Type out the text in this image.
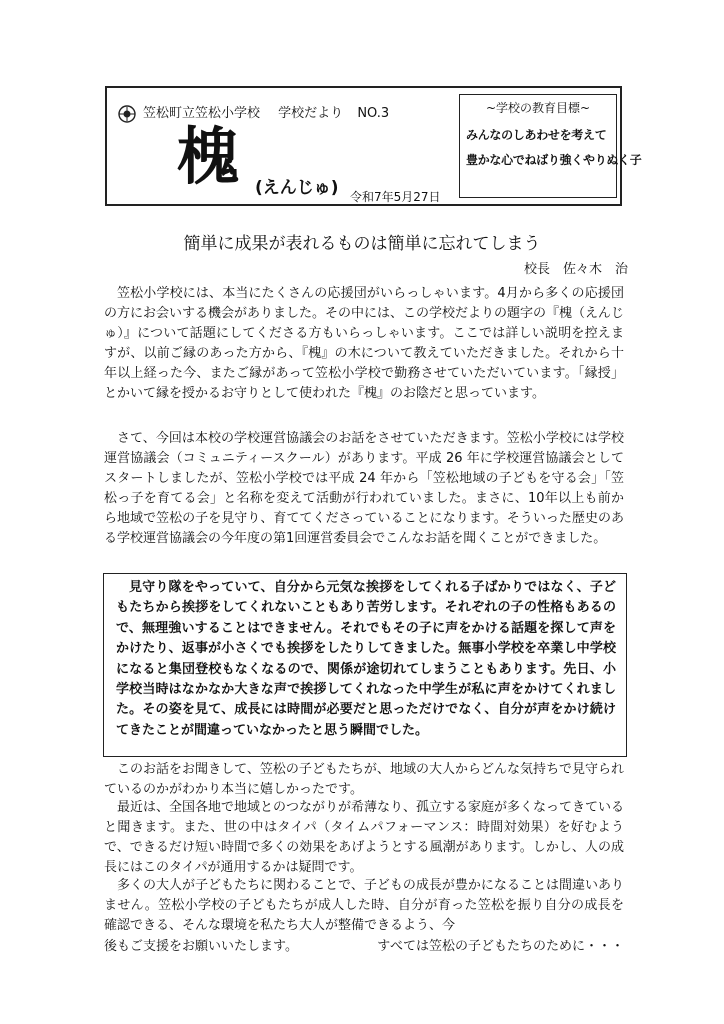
笠松町立笠松小学校 学校だより NO.3
槐 (えんじゅ) 令和7年5月27日
~学校の教育目標~
みんなのしあわせを考えて
豊かな心でねばり強くやりぬく子
簡単に成果が表れるものは簡単に忘れてしまう
校長　佐々木　治

笠松小学校には、本当にたくさんの応援団がいらっしゃいます。4月から多くの応援団の方にお会いする機会がありました。その中には、この学校だよりの題字の『槐（えんじゅ）』について話題にしてくださる方もいらっしゃいます。ここでは詳しい説明を控えますが、以前ご縁のあった方から、『槐』の木について教えていただきました。それから十年以上経った今、またご縁があって笠松小学校で勤務させていただいています。「縁授」とかいて縁を授かるお守りとして使われた『槐』のお陰だと思っています。

さて、今回は本校の学校運営協議会のお話をさせていただきます。笠松小学校には学校運営協議会（コミュニティースクール）があります。平成 26 年に学校運営協議会としてスタートしましたが、笠松小学校では平成 24 年から「笠松地域の子どもを守る会」「笠松っ子を育てる会」と名称を変えて活動が行われていました。まさに、10年以上も前から地域で笠松の子を見守り、育ててくださっていることになります。そういった歴史のある学校運営協議会の今年度の第1回運営委員会でこんなお話を聞くことができました。

見守り隊をやっていて、自分から元気な挨拶をしてくれる子ばかりではなく、子どもたちから挨拶をしてくれないこともあり苦労します。それぞれの子の性格もあるので、無理強いすることはできません。それでもその子に声をかける話題を探して声をかけたり、返事が小さくでも挨拶をしたりしてきました。無事小学校を卒業し中学校になると集団登校もなくなるので、関係が途切れてしまうこともあります。先日、小学校当時はなかなか大きな声で挨拶してくれなった中学生が私に声をかけてくれました。その姿を見て、成長には時間が必要だと思っただけでなく、自分が声をかけ続けてきたことが間違っていなかったと思う瞬間でした。

このお話をお聞きして、笠松の子どもたちが、地域の大人からどんな気持ちで見守られているのかがわかり本当に嬉しかったです。

最近は、全国各地で地域とのつながりが希薄なり、孤立する家庭が多くなってきていると聞きます。また、世の中はタイパ（タイムパフォーマンス：時間対効果）を好むようで、できるだけ短い時間で多くの効果をあげようとする風潮があります。しかし、人の成長にはこのタイパが通用するかは疑問です。

多くの大人が子どもたちに関わることで、子どもの成長が豊かになることは間違いありません。笠松小学校の子どもたちが成人した時、自分が育った笠松を振り自分の成長を確認できる、そんな環境を私たち大人が整備できるよう、今

後もご支援をお願いいたします。	すべては笠松の子どもたちのために・・・
